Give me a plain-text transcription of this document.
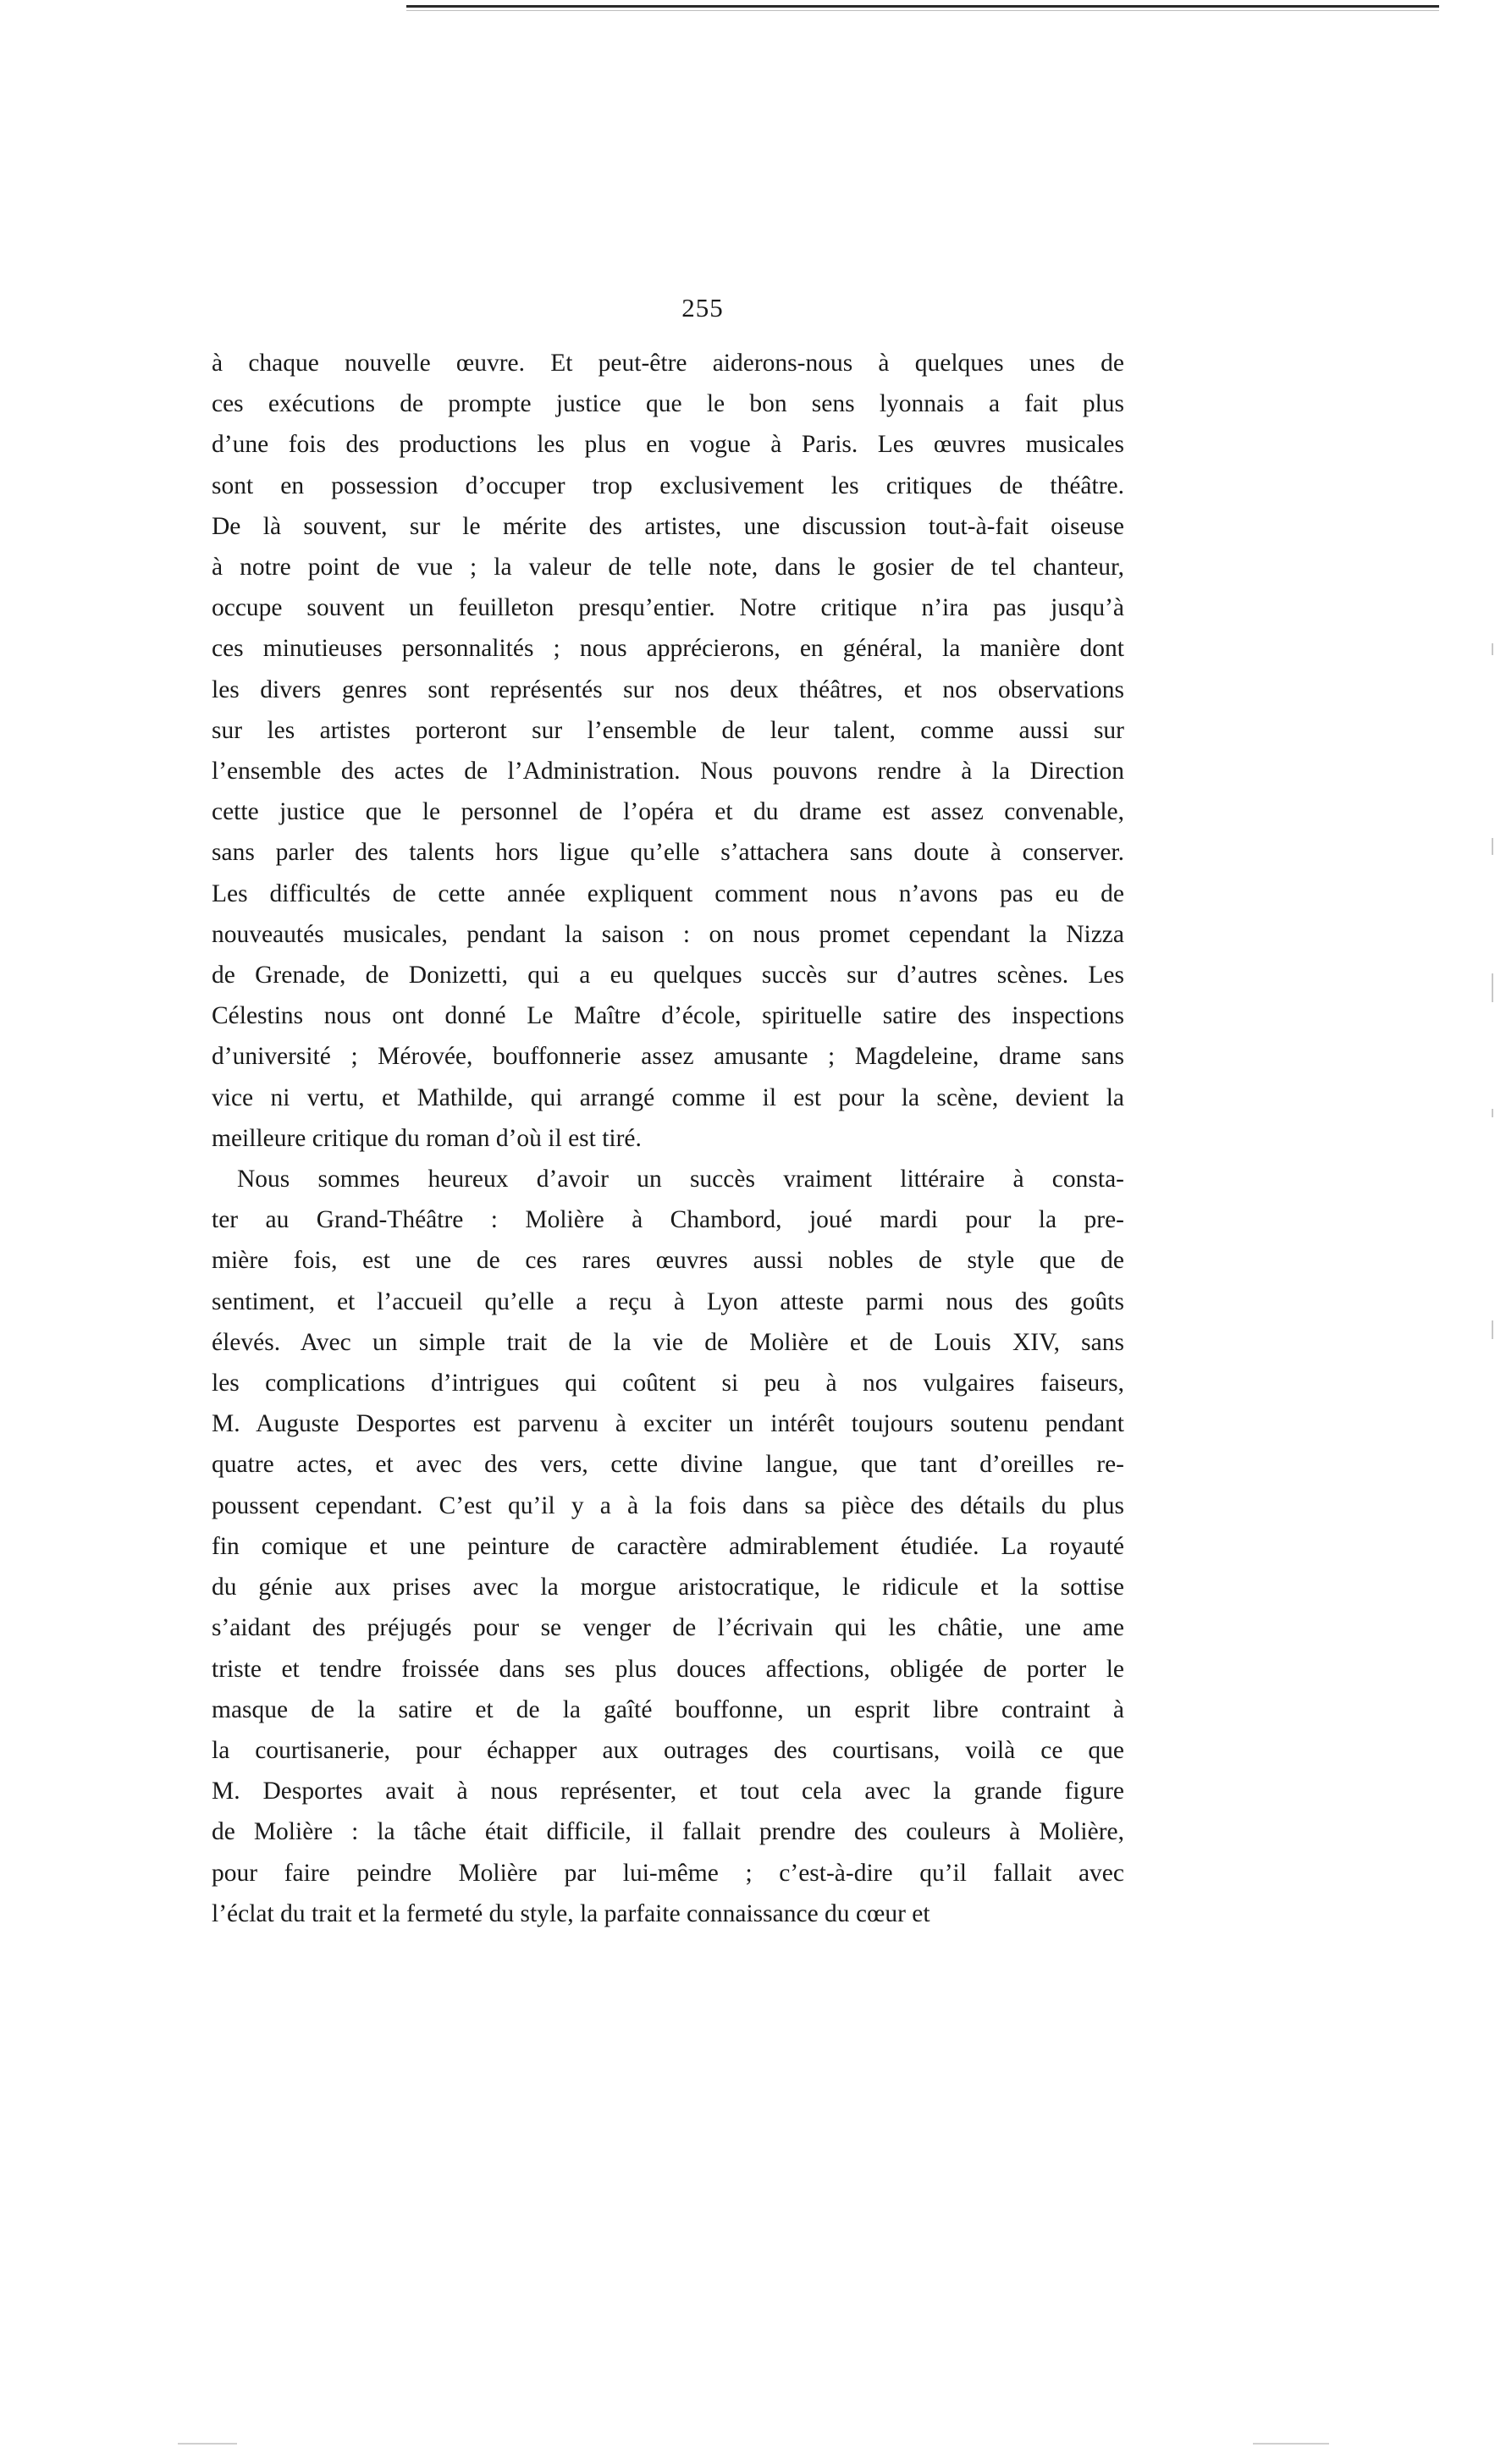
255
à chaque nouvelle œuvre. Et peut-être aiderons-nous à quelques unes de
ces exécutions de prompte justice que le bon sens lyonnais a fait plus
d’une fois des productions les plus en vogue à Paris. Les œuvres musicales
sont en possession d’occuper trop exclusivement les critiques de théâtre.
De là souvent, sur le mérite des artistes, une discussion tout-à-fait oiseuse
à notre point de vue ; la valeur de telle note, dans le gosier de tel chanteur,
occupe souvent un feuilleton presqu’entier. Notre critique n’ira pas jusqu’à
ces minutieuses personnalités ; nous apprécierons, en général, la manière dont
les divers genres sont représentés sur nos deux théâtres, et nos observations
sur les artistes porteront sur l’ensemble de leur talent, comme aussi sur
l’ensemble des actes de l’Administration. Nous pouvons rendre à la Direction
cette justice que le personnel de l’opéra et du drame est assez convenable,
sans parler des talents hors ligue qu’elle s’attachera sans doute à conserver.
Les difficultés de cette année expliquent comment nous n’avons pas eu de
nouveautés musicales, pendant la saison : on nous promet cependant la Nizza
de Grenade, de Donizetti, qui a eu quelques succès sur d’autres scènes. Les
Célestins nous ont donné Le Maître d’école, spirituelle satire des inspections
d’université ; Mérovée, bouffonnerie assez amusante ; Magdeleine, drame sans
vice ni vertu, et Mathilde, qui arrangé comme il est pour la scène, devient la
meilleure critique du roman d’où il est tiré.
Nous sommes heureux d’avoir un succès vraiment littéraire à consta-
ter au Grand-Théâtre : Molière à Chambord, joué mardi pour la pre-
mière fois, est une de ces rares œuvres aussi nobles de style que de
sentiment, et l’accueil qu’elle a reçu à Lyon atteste parmi nous des goûts
élevés. Avec un simple trait de la vie de Molière et de Louis XIV, sans
les complications d’intrigues qui coûtent si peu à nos vulgaires faiseurs,
M. Auguste Desportes est parvenu à exciter un intérêt toujours soutenu pendant
quatre actes, et avec des vers, cette divine langue, que tant d’oreilles re-
poussent cependant. C’est qu’il y a à la fois dans sa pièce des détails du plus
fin comique et une peinture de caractère admirablement étudiée. La royauté
du génie aux prises avec la morgue aristocratique, le ridicule et la sottise
s’aidant des préjugés pour se venger de l’écrivain qui les châtie, une ame
triste et tendre froissée dans ses plus douces affections, obligée de porter le
masque de la satire et de la gaîté bouffonne, un esprit libre contraint à
la courtisanerie, pour échapper aux outrages des courtisans, voilà ce que
M. Desportes avait à nous représenter, et tout cela avec la grande figure
de Molière : la tâche était difficile, il fallait prendre des couleurs à Molière,
pour faire peindre Molière par lui-même ; c’est-à-dire qu’il fallait avec
l’éclat du trait et la fermeté du style, la parfaite connaissance du cœur et
